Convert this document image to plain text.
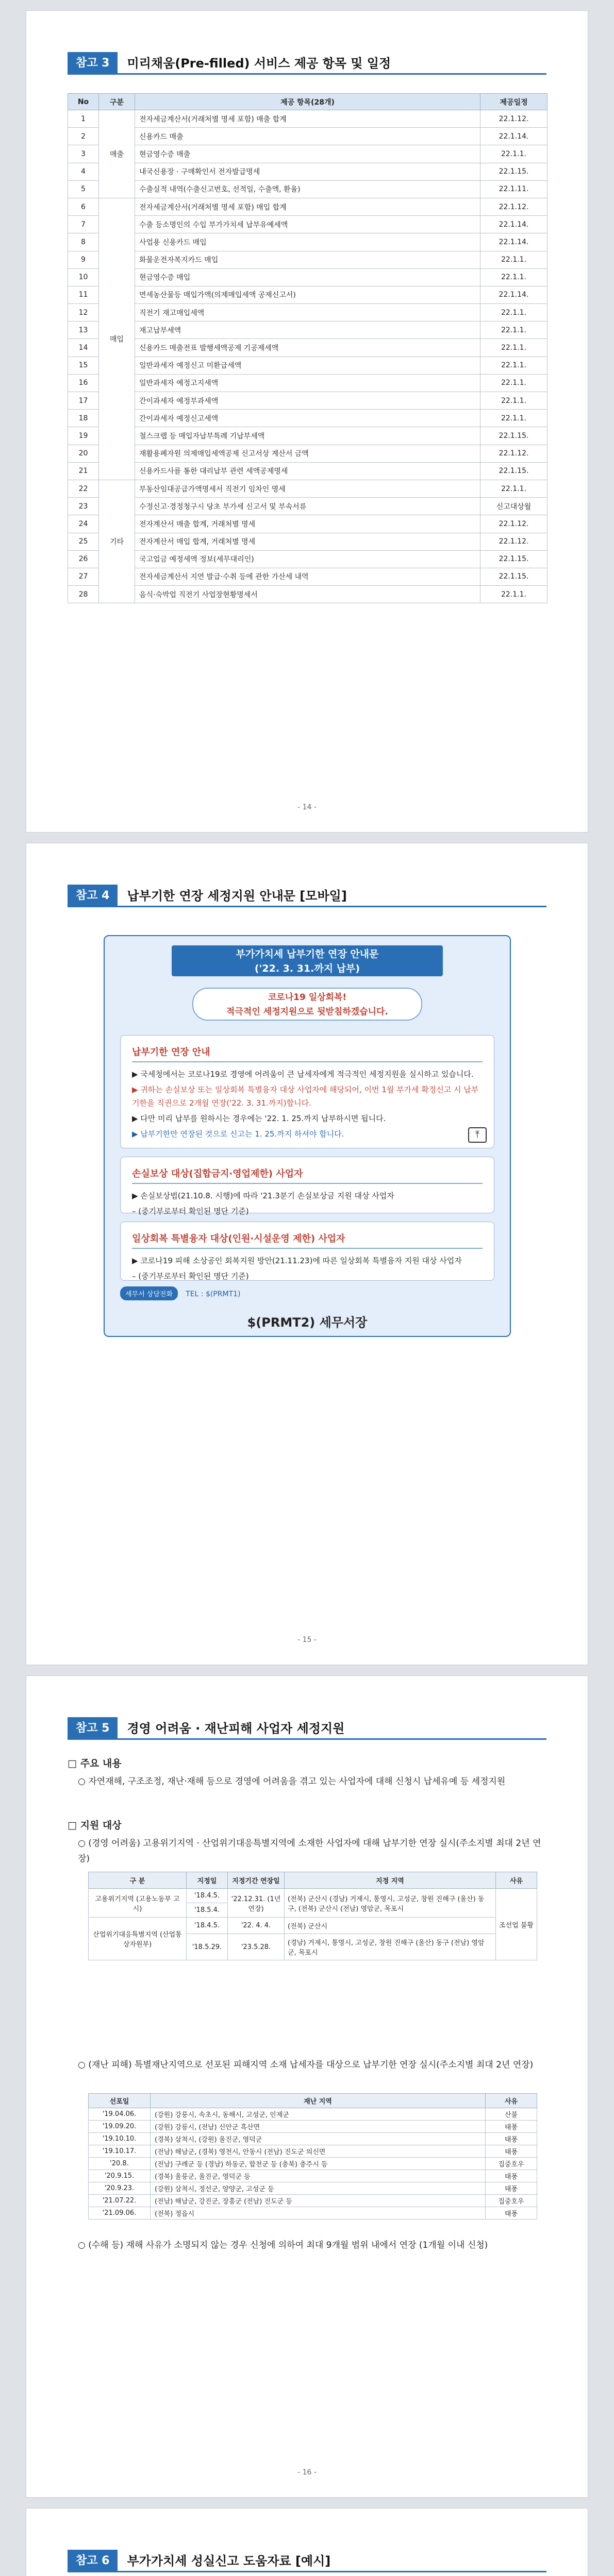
참고 3	미리채움(Pre-filled) 서비스 제공 항목 및 일정
No	구분	제공 항목(28개)	제공일정
1	매출	전자세금계산서(거래처별 명세 포함) 매출 합계	22.1.12.
2		신용카드 매출	22.1.14.
3		현금영수증 매출	22.1.1.
4		내국신용장 · 구매확인서 전자발급명세	22.1.15.
5		수출실적 내역(수출신고번호, 선적일, 수출액, 환율)	22.1.11.
6	매입	전자세금계산서(거래처별 명세 포함) 매입 합계	22.1.12.
7		수출 등소명인의 수입 부가가치세 납부유예세액	22.1.14.
8		사업용 신용카드 매입	22.1.14.
9		화물운전자복지카드 매입	22.1.1.
10		현금영수증 매입	22.1.1.
11		면세농산물등 매입가액(의제매입세액 공제신고서)	22.1.14.
12		직전기 재고매입세액	22.1.1.
13		재고납부세액	22.1.1.
14		신용카드 매출전표 발행세액공제 기공제세액	22.1.1.
15		일반과세자 예정신고 미환급세액	22.1.1.
16		일반과세자 예정고지세액	22.1.1.
17		간이과세자 예정부과세액	22.1.1.
18		간이과세자 예정신고세액	22.1.1.
19		철스크랩 등 매입자납부특례 기납부세액	22.1.15.
20		재활용폐자원 의제매입세액공제 신고서상 계산서 금액	22.1.12.
21		신용카드사를 통한 대리납부 관련 세액공제명세	22.1.15.
22	기타	부동산임대공급가액명세서 직전기 임차인 명세	22.1.1.
23		수정신고·경정청구시 당초 부가세 신고서 및 부속서류	신고대상월
24		전자계산서 매출 합계, 거래처별 명세	22.1.12.
25		전자계산서 매입 합계, 거래처별 명세	22.1.12.
26		국고업금 예정세액 정보(세무대리인)	22.1.15.
27		전자세금계산서 지연 발급·수취 등에 관한 가산세 내역	22.1.15.
28		음식·숙박업 직전기 사업장현황명세서	22.1.1.
- 14 -
참고 4	납부기한 연장 세정지원 안내문 [모바일]
부가가치세 납부기한 연장 안내문
('22. 3. 31.까지 납부)
코로나19 일상회복!
적극적인 세정지원으로 뒷받침하겠습니다.
납부기한 연장 안내
▶ 국세청에서는 코로나19로 경영에 어려움이 큰 납세자에게 적극적인 세정지원을 실시하고 있습니다.
▶ 귀하는 손실보상 또는 일상회복 특별융자 대상 사업자에 해당되어, 이번 1월 부가세 확정신고 시 납부기한을 직권으로 2개월 연장('22. 3. 31.까지)합니다.
▶ 다만 미리 납부를 원하시는 경우에는 '22. 1. 25.까지 납부하시면 됩니다.
▶ 납부기한만 연장된 것으로 신고는 1. 25.까지 하셔야 합니다.	⤒
손실보상 대상(집합금지·영업제한) 사업자
▶ 손실보상법(21.10.8. 시행)에 따라 '21.3분기 손실보상금 지원 대상 사업자
– (중기부로부터 확인된 명단 기준)
일상회복 특별융자 대상(인원·시설운영 제한) 사업자
▶ 코로나19 피해 소상공인 회복지원 방안(21.11.23)에 따른 일상회복 특별융자 지원 대상 사업자
– (중기부로부터 확인된 명단 기준)
세무서 상담전화 TEL : $(PRMT1)
$(PRMT2) 세무서장
- 15 -
참고 5	경영 어려움 · 재난피해 사업자 세정지원
□ 주요 내용
○ 자연재해, 구조조정, 재난·재해 등으로 경영에 어려움을 겪고 있는 사업자에 대해 신청시 납세유예 등 세정지원
□ 지원 대상
○ (경영 어려움) 고용위기지역 · 산업위기대응특별지역에 소재한 사업자에 대해 납부기한 연장 실시(주소지별 최대 2년 연장)
구 분	지정일	지정기간 연장일	지정 지역	사유
고용위기지역 (고용노동부 고시)	'18.4.5.	'22.12.31. (1년 연장)	(전북) 군산시 (경남) 거제시, 통영시, 고성군, 창원 진해구 (울산) 동구, (전북) 군산시 (전남) 영암군, 목포시	조선업 불황
	'18.5.4.			
산업위기대응특별지역 (산업통상자원부)	'18.4.5.	'22. 4. 4.	(전북) 군산시	
	'18.5.29.	'23.5.28.	(경남) 거제시, 통영시, 고성군, 창원 진해구 (울산) 동구 (전남) 영암군, 목포시	
○ (재난 피해) 특별재난지역으로 선포된 피해지역 소재 납세자를 대상으로 납부기한 연장 실시(주소지별 최대 2년 연장)
선포일	재난 지역	사유
'19.04.06.	(강원) 강릉시, 속초시, 동해시, 고성군, 인제군	산불
'19.09.20.	(강원) 강릉시, (전남) 신안군 흑산면	태풍
'19.10.10.	(경북) 삼척시, (강원) 울진군, 영덕군	태풍
'19.10.17.	(전남) 해남군, (경북) 영천시, 안동시 (전남) 진도군 의신면	태풍
'20.8.	(전남) 구례군 등 (경남) 하동군, 합천군 등 (충북) 충주시 등	집중호우
'20.9.15.	(경북) 울릉군, 울진군, 영덕군 등	태풍
'20.9.23.	(강원) 삼척시, 정선군, 양양군, 고성군 등	태풍
'21.07.22.	(전남) 해남군, 강진군, 장흥군 (전남) 진도군 등	집중호우
'21.09.06.	(전북) 정읍시	태풍
○ (수해 등) 재해 사유가 소명되지 않는 경우 신청에 의하여 최대 9개월 범위 내에서 연장 (1개월 이내 신청)
- 16 -
참고 6	부가가치세 성실신고 도움자료 [예시]
